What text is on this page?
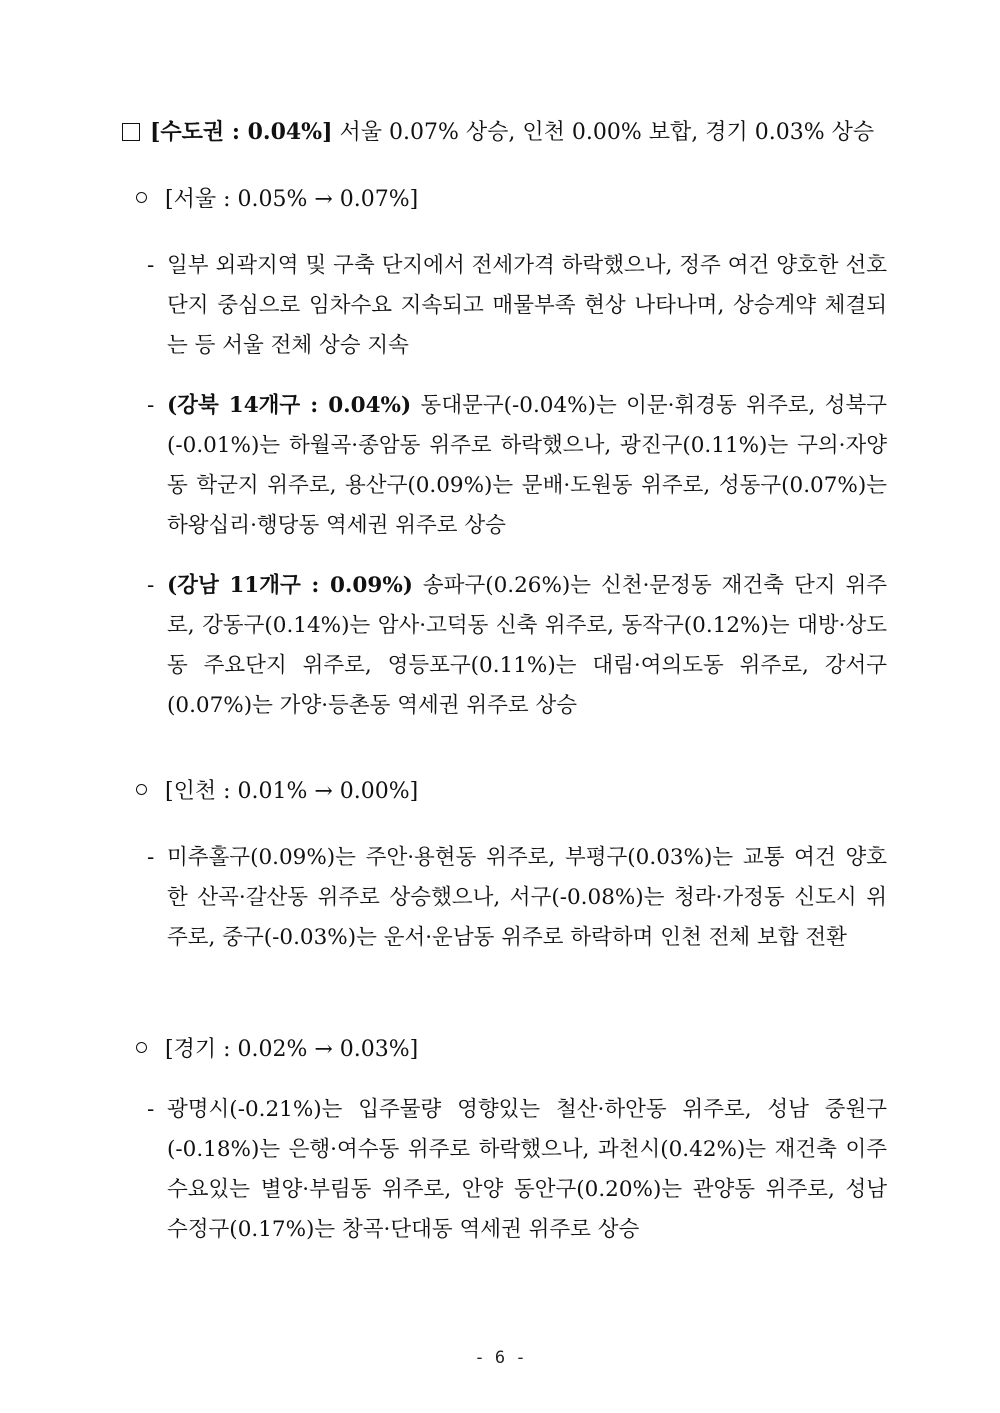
[수도권 : 0.04%] 서울 0.07% 상승, 인천 0.00% 보합, 경기 0.03% 상승
[서울 : 0.05% → 0.07%]
- 일부 외곽지역 및 구축 단지에서 전세가격 하락했으나, 정주 여건 양호한 선호단지 중심으로 임차수요 지속되고 매물부족 현상 나타나며, 상승계약 체결되는 등 서울 전체 상승 지속
- (강북 14개구 : 0.04%) 동대문구(-0.04%)는 이문·휘경동 위주로, 성북구(-0.01%)는 하월곡·종암동 위주로 하락했으나, 광진구(0.11%)는 구의·자양동 학군지 위주로, 용산구(0.09%)는 문배·도원동 위주로, 성동구(0.07%)는 하왕십리·행당동 역세권 위주로 상승
- (강남 11개구 : 0.09%) 송파구(0.26%)는 신천·문정동 재건축 단지 위주로, 강동구(0.14%)는 암사·고덕동 신축 위주로, 동작구(0.12%)는 대방·상도동 주요단지 위주로, 영등포구(0.11%)는 대림·여의도동 위주로, 강서구(0.07%)는 가양·등촌동 역세권 위주로 상승
[인천 : 0.01% → 0.00%]
- 미추홀구(0.09%)는 주안·용현동 위주로, 부평구(0.03%)는 교통 여건 양호한 산곡·갈산동 위주로 상승했으나, 서구(-0.08%)는 청라·가정동 신도시 위주로, 중구(-0.03%)는 운서·운남동 위주로 하락하며 인천 전체 보합 전환
[경기 : 0.02% → 0.03%]
- 광명시(-0.21%)는 입주물량 영향있는 철산·하안동 위주로, 성남 중원구(-0.18%)는 은행·여수동 위주로 하락했으나, 과천시(0.42%)는 재건축 이주 수요있는 별양·부림동 위주로, 안양 동안구(0.20%)는 관양동 위주로, 성남 수정구(0.17%)는 창곡·단대동 역세권 위주로 상승
- 6 -
